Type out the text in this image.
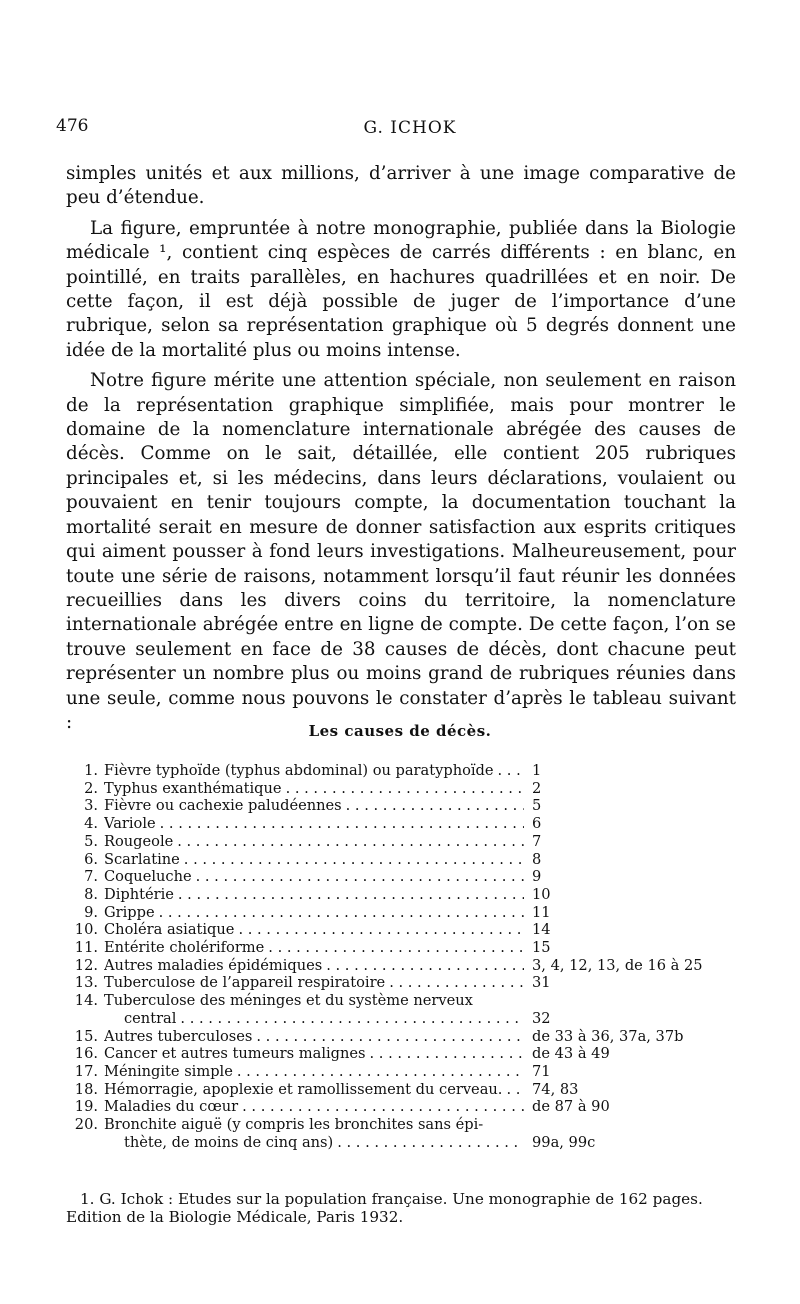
476	G. ICHOK

simples unités et aux millions, d’arriver à une image comparative de peu d’étendue.

La figure, empruntée à notre monographie, publiée dans la Biologie médicale ¹, contient cinq espèces de carrés différents : en blanc, en pointillé, en traits parallèles, en hachures quadrillées et en noir. De cette façon, il est déjà possible de juger de l’importance d’une rubrique, selon sa représentation graphique où 5 degrés donnent une idée de la mortalité plus ou moins intense.

Notre figure mérite une attention spéciale, non seulement en raison de la représentation graphique simplifiée, mais pour montrer le domaine de la nomenclature internationale abrégée des causes de décès. Comme on le sait, détaillée, elle contient 205 rubriques principales et, si les médecins, dans leurs déclarations, voulaient ou pouvaient en tenir toujours compte, la documentation touchant la mortalité serait en mesure de donner satisfaction aux esprits critiques qui aiment pousser à fond leurs investigations. Malheureusement, pour toute une série de raisons, notamment lorsqu’il faut réunir les données recueillies dans les divers coins du territoire, la nomenclature internationale abrégée entre en ligne de compte. De cette façon, l’on se trouve seulement en face de 38 causes de décès, dont chacune peut représenter un nombre plus ou moins grand de rubriques réunies dans une seule, comme nous pouvons le constater d’après le tableau suivant :	Les causes de décès.
1. Fièvre typhoïde (typhus abdominal) ou paratyphoïde . . .	1
2. Typhus exanthématique . . .	2
3. Fièvre ou cachexie paludéennes . . .	5
4. Variole . . .	6
5. Rougeole . . .	7
6. Scarlatine . . .	8
7. Coqueluche . . .	9
8. Diphtérie . . .	10
9. Grippe . . .	11
10. Choléra asiatique . . .	14
11. Entérite cholériforme . . .	15
12. Autres maladies épidémiques . . .	3, 4, 12, 13, de 16 à 25
13. Tuberculose de l’appareil respiratoire . . .	31
14. Tuberculose des méninges et du système nerveux
central . . .	32
15. Autres tuberculoses . . .	de 33 à 36, 37a, 37b
16. Cancer et autres tumeurs malignes . . .	de 43 à 49
17. Méningite simple . . .	71
18. Hémorragie, apoplexie et ramollissement du cerveau. . . .	74, 83
19. Maladies du cœur . . .	de 87 à 90
20. Bronchite aiguë (y compris les bronchites sans épi-
thète, de moins de cinq ans) . . .	99a, 99c
1. G. Ichok : Etudes sur la population française. Une monographie de 162 pages.
Edition de la Biologie Médicale, Paris 1932.
